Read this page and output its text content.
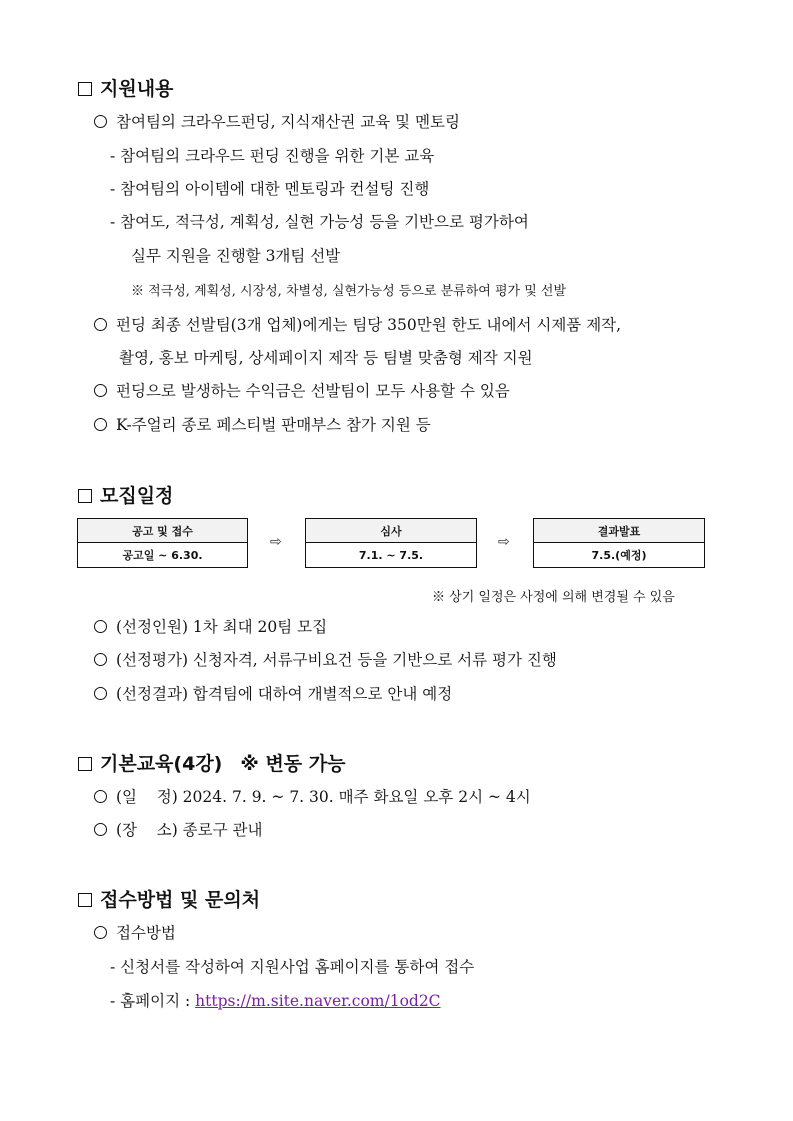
지원내용
참여팀의 크라우드펀딩, 지식재산권 교육 및 멘토링
- 참여팀의 크라우드 펀딩 진행을 위한 기본 교육
- 참여팀의 아이템에 대한 멘토링과 컨설팅 진행
- 참여도, 적극성, 계획성, 실현 가능성 등을 기반으로 평가하여
실무 지원을 진행할 3개팀 선발
※ 적극성, 계획성, 시장성, 차별성, 실현가능성 등으로 분류하여 평가 및 선발
펀딩 최종 선발팀(3개 업체)에게는 팀당 350만원 한도 내에서 시제품 제작,
촬영, 홍보 마케팅, 상세페이지 제작 등 팀별 맞춤형 제작 지원
펀딩으로 발생하는 수익금은 선발팀이 모두 사용할 수 있음
K-주얼리 종로 페스티벌 판매부스 참가 지원 등
모집일정
공고 및 접수
공고일 ~ 6.30.
⇨
심사
7.1. ~ 7.5.
⇨
결과발표
7.5.(예정)
※ 상기 일정은 사정에 의해 변경될 수 있음
(선정인원) 1차 최대 20팀 모집
(선정평가) 신청자격, 서류구비요건 등을 기반으로 서류 평가 진행
(선정결과) 합격팀에 대하여 개별적으로 안내 예정
기본교육(4강) ※ 변동 가능
(일    정) 2024. 7. 9. ~ 7. 30. 매주 화요일 오후 2시 ~ 4시
(장    소) 종로구 관내
접수방법 및 문의처
접수방법
- 신청서를 작성하여 지원사업 홈페이지를 통하여 접수
- 홈페이지 : https://m.site.naver.com/1od2C
